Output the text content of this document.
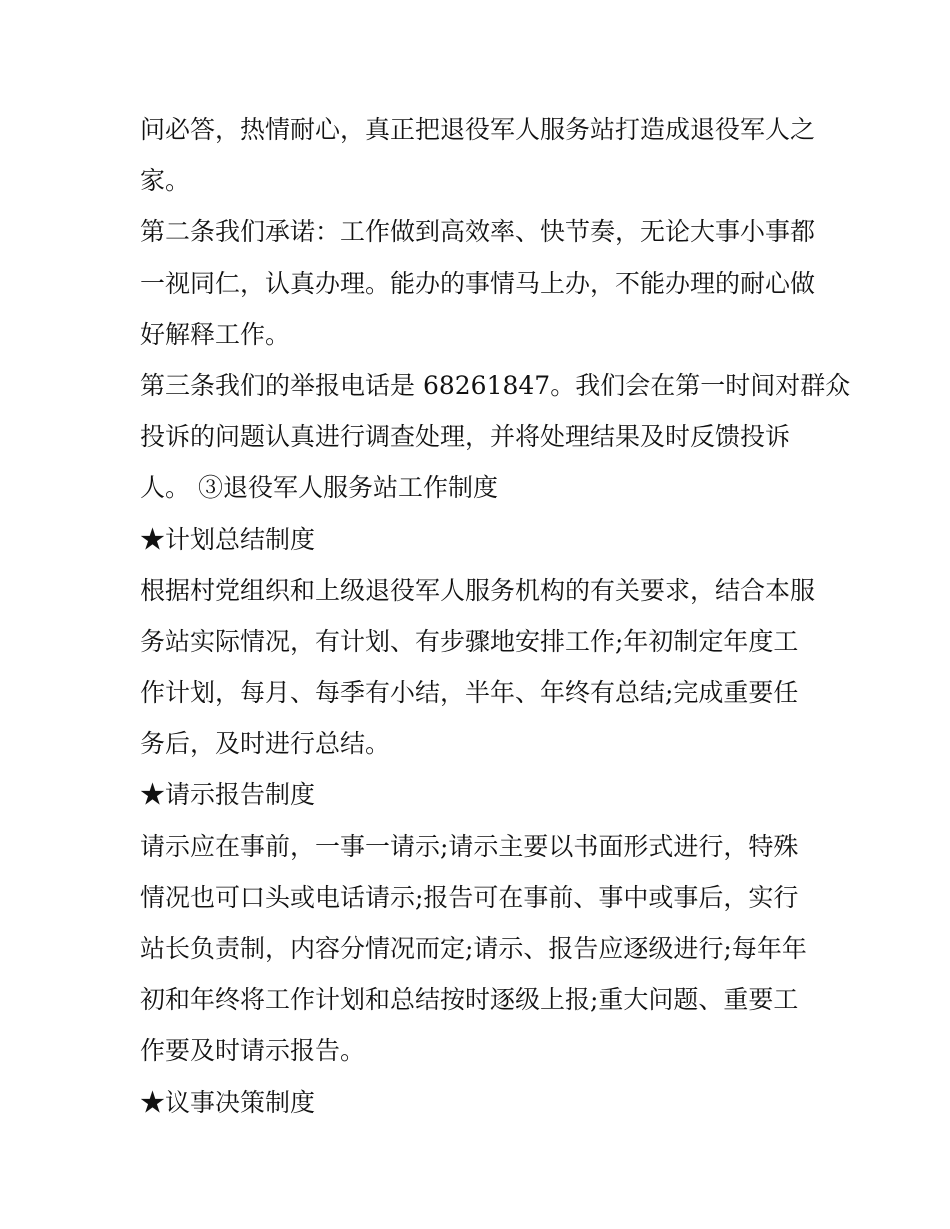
问必答，热情耐心，真正把退役军人服务站打造成退役军人之
家。
第二条我们承诺：工作做到高效率、快节奏，无论大事小事都
一视同仁，认真办理。能办的事情马上办，不能办理的耐心做
好解释工作。
第三条我们的举报电话是 68261847。我们会在第一时间对群众
投诉的问题认真进行调查处理，并将处理结果及时反馈投诉
人。 ③退役军人服务站工作制度
★计划总结制度
根据村党组织和上级退役军人服务机构的有关要求，结合本服
务站实际情况，有计划、有步骤地安排工作;年初制定年度工
作计划，每月、每季有小结，半年、年终有总结;完成重要任
务后，及时进行总结。
★请示报告制度
请示应在事前，一事一请示;请示主要以书面形式进行，特殊
情况也可口头或电话请示;报告可在事前、事中或事后，实行
站长负责制，内容分情况而定;请示、报告应逐级进行;每年年
初和年终将工作计划和总结按时逐级上报;重大问题、重要工
作要及时请示报告。
★议事决策制度
